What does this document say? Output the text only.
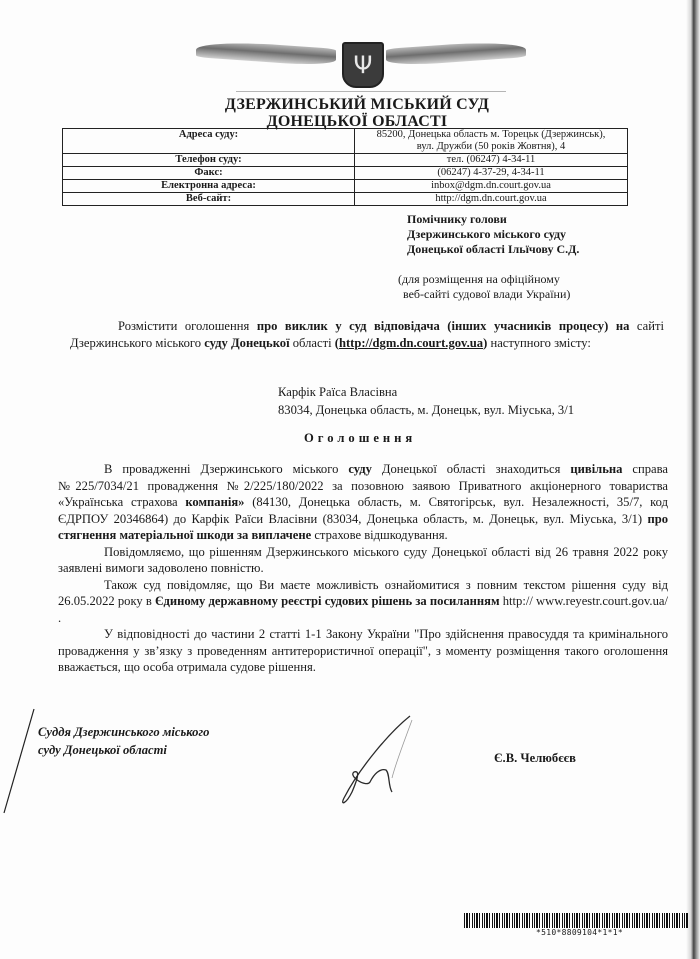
Ψ
ДЗЕРЖИНСЬКИЙ МІСЬКИЙ СУД
ДОНЕЦЬКОЇ ОБЛАСТІ
Адреса суду:	85200, Донецька область м. Торецьк (Дзержинськ),
вул. Дружби (50 років Жовтня), 4

Телефон суду:	тел. (06247) 4-34-11
Факс:	(06247) 4-37-29, 4-34-11
Електронна адреса:	inbox@dgm.dn.court.gov.ua
Веб-сайт:	http://dgm.dn.court.gov.ua
Помічнику голови
Дзержинського міського суду
Донецької області Ільїчову С.Д.
(для розміщення на офіційному
веб-сайті судової влади України)
Розмістити оголошення про виклик у суд відповідача (інших учасників процесу) на сайті Дзержинського міського суду Донецької області (http://dgm.dn.court.gov.ua) наступного змісту:
Карфік Раїса Власівна
83034, Донецька область, м. Донецьк, вул. Міуська, 3/1
Оголошення

В провадженні Дзержинського міського суду Донецької області знаходиться цивільна справа №225/7034/21 провадження №2/225/180/2022 за позовною заявою Приватного акціонерного товариства «Українська страхова компанія» (84130, Донецька область, м. Святогірськ, вул. Незалежності, 35/7, код ЄДРПОУ 20346864) до Карфік Раїси Власівни (83034, Донецька область, м. Донецьк, вул. Міуська, 3/1) про стягнення матеріальної шкоди за виплачене страхове відшкодування.

Повідомляємо, що рішенням Дзержинського міського суду Донецької області від 26 травня 2022 року заявлені вимоги задоволено повністю.

Також суд повідомляє, що Ви маєте можливість ознайомитися з повним текстом рішення суду від 26.05.2022 року в Єдиному державному реєстрі судових рішень за посиланням http:// www.reyestr.court.gov.ua/ .

У відповідності до частини 2 статті 1-1 Закону України "Про здійснення правосуддя та кримінального провадження у зв’язку з проведенням антитерористичної операції", з моменту розміщення такого оголошення вважається, що особа отримала судове рішення.

Суддя Дзержинського міського
суду Донецької області
Є.В. Челюбєєв
*510*8809104*1*1*
